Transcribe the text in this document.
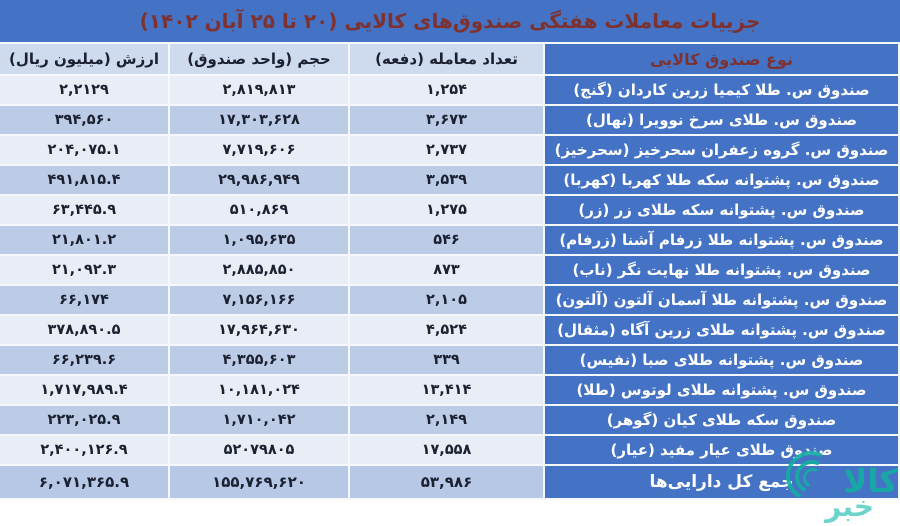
جزییات معاملات هفتگی صندوق‌های کالایی (۲۰ تا ۲۵ آبان ۱۴۰۲)
نوع صندوق کالایی	تعداد معامله (دفعه)	حجم (واحد صندوق)	ارزش (میلیون ریال)
صندوق س. طلا کیمیا زرین کاردان (گنج)	۱,۲۵۴	۲,۸۱۹,۸۱۳	۲,۲۱۲۹
صندوق س. طلای سرخ نوویرا (نهال)	۳,۶۷۳	۱۷,۳۰۳,۶۲۸	۳۹۴,۵۶۰
صندوق س. گروه زعفران سحرخیز (سحرخیز)	۲,۷۳۷	۷,۷۱۹,۶۰۶	۲۰۴,۰۷۵.۱
صندوق س. پشتوانه سکه طلا کهربا (کهربا)	۳,۵۳۹	۲۹,۹۸۶,۹۴۹	۴۹۱,۸۱۵.۴
صندوق س. پشتوانه سکه طلای زر (زر)	۱,۲۷۵	۵۱۰,۸۶۹	۶۳,۴۴۵.۹
صندوق س. پشتوانه طلا زرفام آشنا (زرفام)	۵۴۶	۱,۰۹۵,۶۳۵	۲۱,۸۰۱.۲
صندوق س. پشتوانه طلا نهایت نگر (ناب)	۸۷۳	۲,۸۸۵,۸۵۰	۲۱,۰۹۲.۳
صندوق س. پشتوانه طلا آسمان آلتون (آلتون)	۲,۱۰۵	۷,۱۵۶,۱۶۶	۶۶,۱۷۴
صندوق س. پشتوانه طلای زرین آگاه (مثقال)	۴,۵۲۴	۱۷,۹۶۴,۶۳۰	۳۷۸,۸۹۰.۵
صندوق س. پشتوانه طلای صبا (نفیس)	۳۳۹	۴,۳۵۵,۶۰۳	۶۶,۲۳۹.۶
صندوق س. پشتوانه طلای لوتوس (طلا)	۱۳,۴۱۴	۱۰,۱۸۱,۰۲۴	۱,۷۱۷,۹۸۹.۴
صندوق سکه طلای کیان (گوهر)	۲,۱۴۹	۱,۷۱۰,۰۴۲	۲۲۳,۰۲۵.۹
صندوق طلای عیار مفید (عیار)	۱۷,۵۵۸	۵۲۰۷۹۸۰۵	۲,۴۰۰,۱۲۶.۹
جمع کل دارایی‌ها	۵۳,۹۸۶	۱۵۵,۷۶۹,۶۲۰	۶,۰۷۱,۳۶۵.۹	کالا
خبر
